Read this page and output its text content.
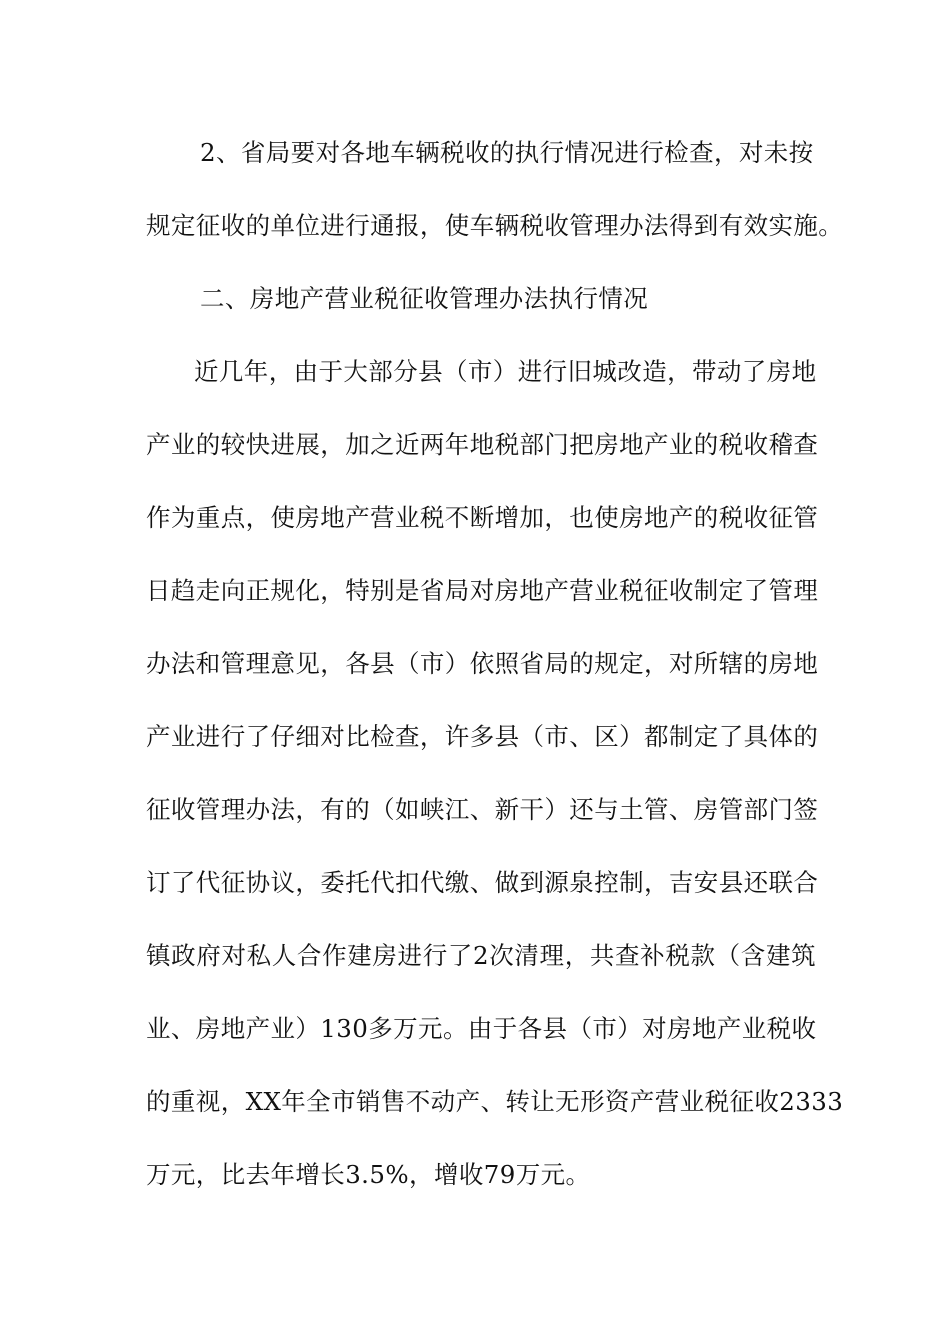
2、省局要对各地车辆税收的执行情况进行检查，对未按
规定征收的单位进行通报，使车辆税收管理办法得到有效实施。
二、房地产营业税征收管理办法执行情况
近几年，由于大部分县（市）进行旧城改造，带动了房地
产业的较快进展，加之近两年地税部门把房地产业的税收稽查
作为重点，使房地产营业税不断增加，也使房地产的税收征管
日趋走向正规化，特别是省局对房地产营业税征收制定了管理
办法和管理意见，各县（市）依照省局的规定，对所辖的房地
产业进行了仔细对比检查，许多县（市、区）都制定了具体的
征收管理办法，有的（如峡江、新干）还与土管、房管部门签
订了代征协议，委托代扣代缴、做到源泉控制，吉安县还联合
镇政府对私人合作建房进行了2次清理，共查补税款（含建筑
业、房地产业）130多万元。由于各县（市）对房地产业税收
的重视，XX年全市销售不动产、转让无形资产营业税征收2333
万元，比去年增长3.5%，增收79万元。
